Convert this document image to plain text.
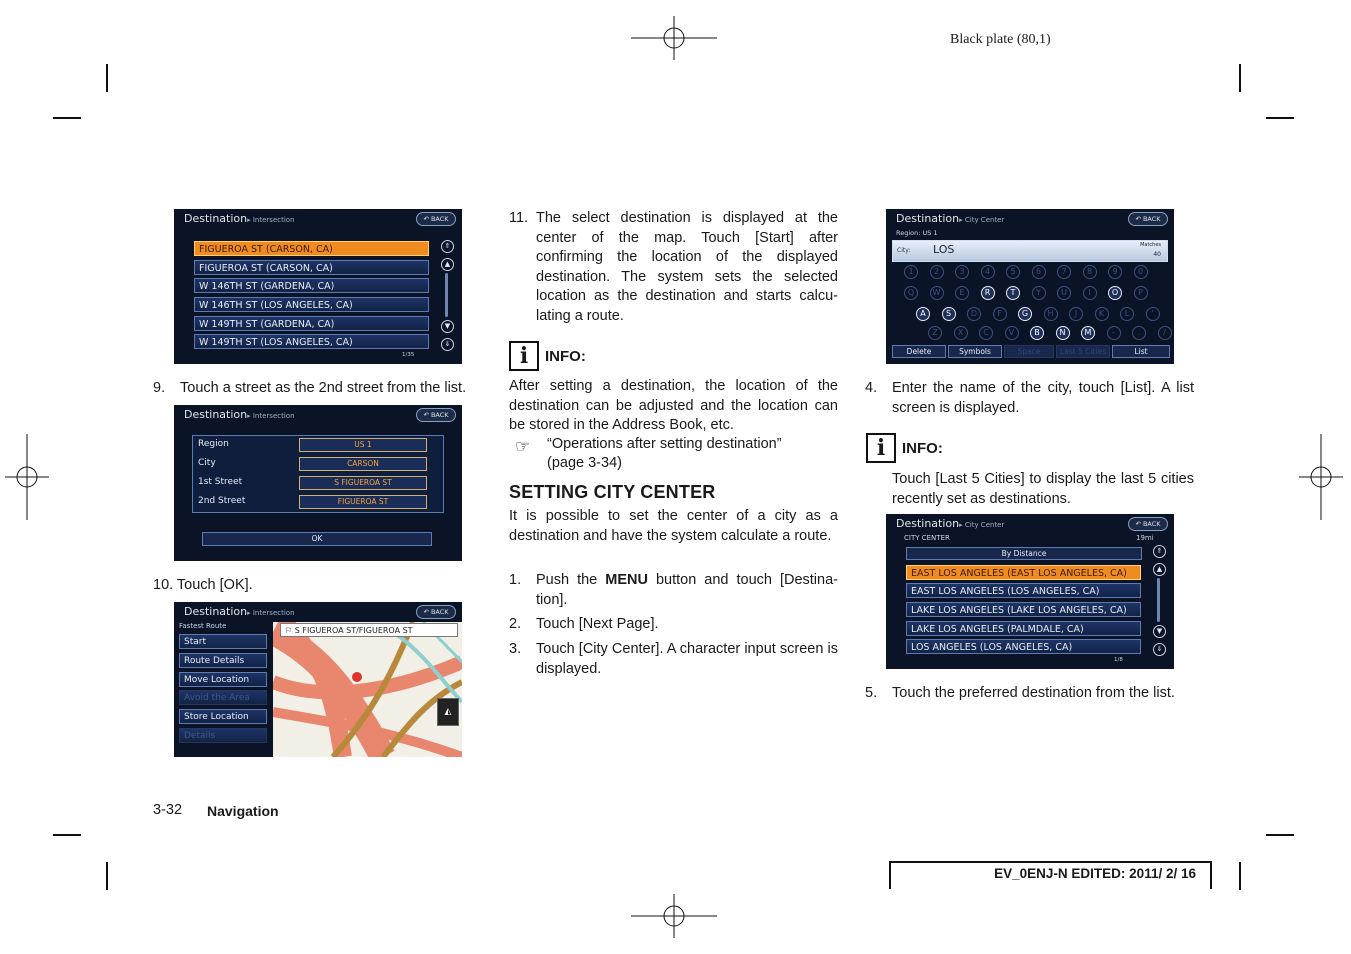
Black plate (80,1)
Destination▸ Intersection	↶ BACK
FIGUEROA ST (CARSON, CA)
FIGUEROA ST (CARSON, CA)
W 146TH ST (GARDENA, CA)
W 146TH ST (LOS ANGELES, CA)
W 149TH ST (GARDENA, CA)
W 149TH ST (LOS ANGELES, CA)
⇑
▲
▼
⇓
1/35
9. Touch a street as the 2nd street from the list.
Destination▸ Intersection	↶ BACK
Region	US 1
City	CARSON
1st Street	S FIGUEROA ST
2nd Street	FIGUEROA ST
OK
10. Touch [OK].
Destination▸ Intersection	↶ BACK
Fastest Route
Start
Route Details
Move Location
Avoid the Area
Store Location
Details
⚐ S FIGUEROA ST/FIGUEROA ST
◭
11. The select destination is displayed at the center of the map. Touch [Start] after confirming the location of the displayed destination. The system sets the selected location as the destination and starts calcu-lating a route.
i	INFO:
After setting a destination, the location of the destination can be adjusted and the location can be stored in the Address Book, etc.
☞ “Operations after setting destination”
(page 3-34)
SETTING CITY CENTER
It is possible to set the center of a city as a destination and have the system calculate a route.
1. Push the MENU button and touch [Destina-tion].
2. Touch [Next Page].
3. Touch [City Center]. A character input screen is displayed.
Destination▸ City Center	↶ BACK
Region: US 1
City: LOS	Matches
40
1	2	3	4	5	6	7	8	9	0
Q	W	E	R	T	Y	U	I	O	P
A	S	D	F	G	H	J	K	L	'
Z	X	C	V	B	N	M	-	.	/
Delete	Symbols	Space	Last 5 Cities	List
4. Enter the name of the city, touch [List]. A list screen is displayed.
i	INFO:
Touch [Last 5 Cities] to display the last 5 cities recently set as destinations.
Destination▸ City Center	↶ BACK
CITY CENTER	19mi
By Distance
EAST LOS ANGELES (EAST LOS ANGELES, CA)
EAST LOS ANGELES (LOS ANGELES, CA)
LAKE LOS ANGELES (LAKE LOS ANGELES, CA)
LAKE LOS ANGELES (PALMDALE, CA)
LOS ANGELES (LOS ANGELES, CA)
⇑
▲
▼
⇓
1/8
5. Touch the preferred destination from the list.
3-32 Navigation
EV_0ENJ-N EDITED: 2011/ 2/ 16
